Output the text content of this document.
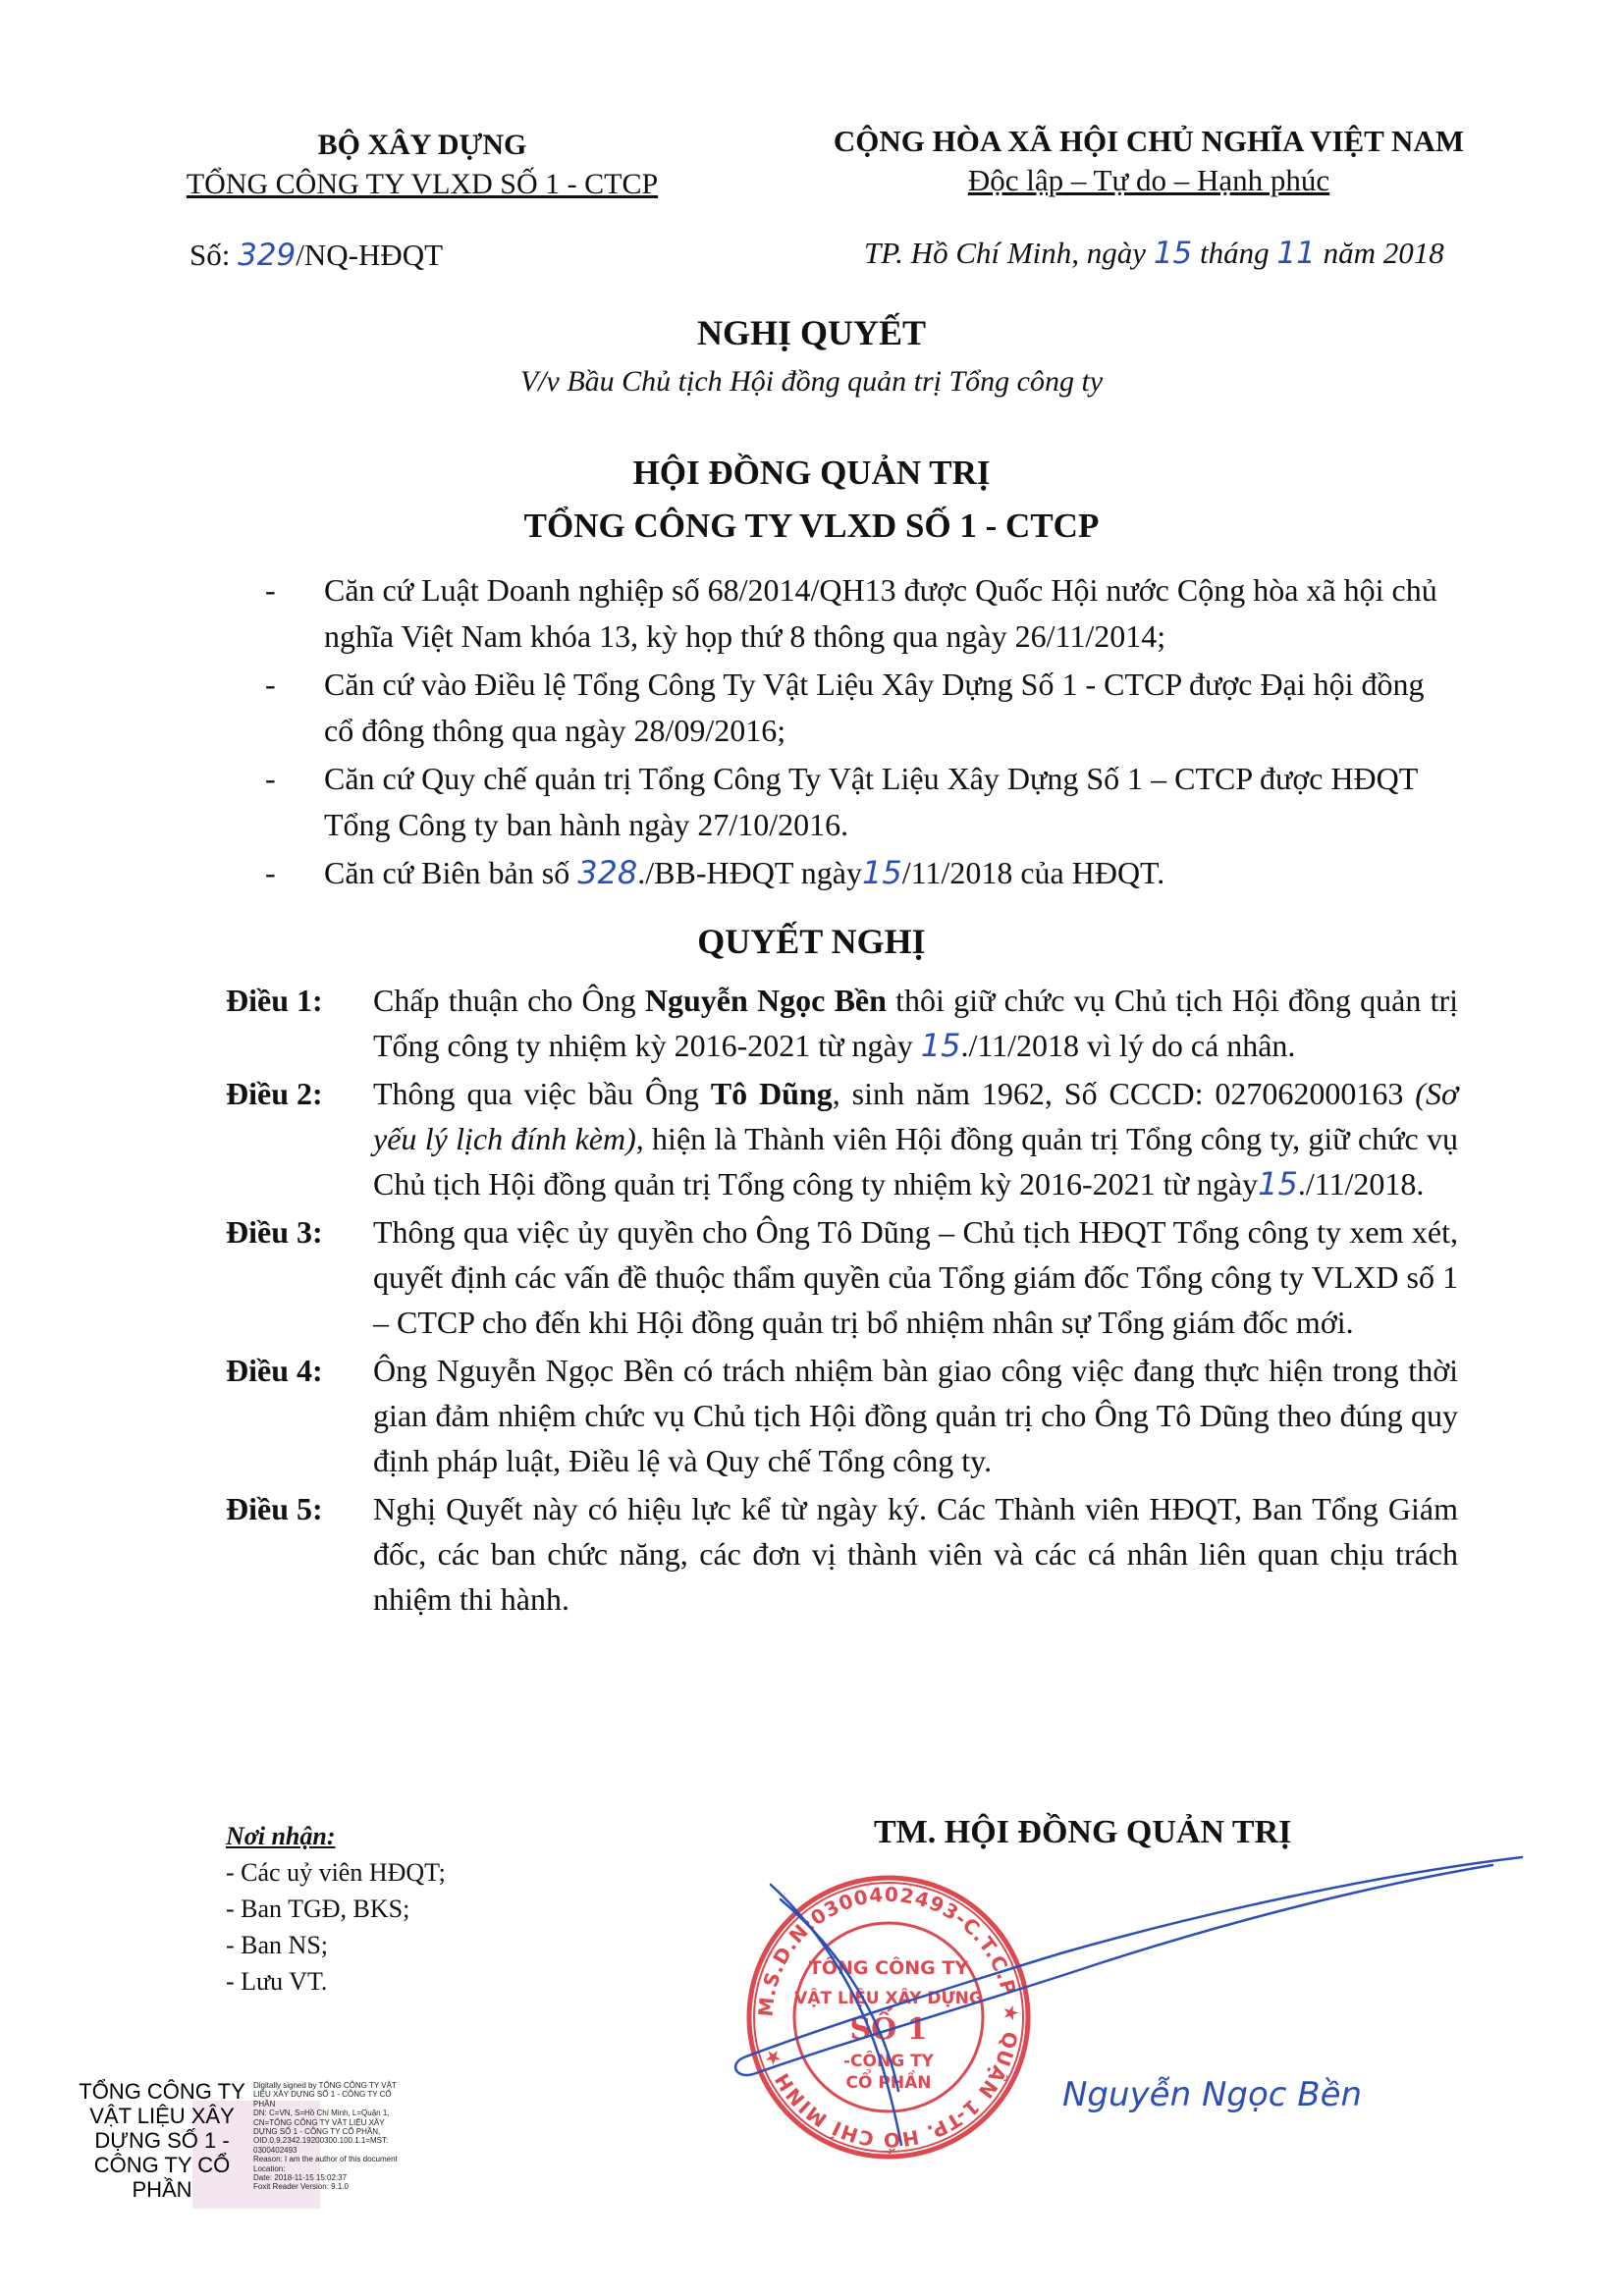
BỘ XÂY DỰNG
TỔNG CÔNG TY VLXD SỐ 1 - CTCP
CỘNG HÒA XÃ HỘI CHỦ NGHĨA VIỆT NAM
Độc lập – Tự do – Hạnh phúc
Số: 329/NQ-HĐQT	TP. Hồ Chí Minh, ngày 15 tháng 11 năm 2018
NGHỊ QUYẾT
V/v Bầu Chủ tịch Hội đồng quản trị Tổng công ty
HỘI ĐỒNG QUẢN TRỊ
TỔNG CÔNG TY VLXD SỐ 1 - CTCP
- Căn cứ Luật Doanh nghiệp số 68/2014/QH13 được Quốc Hội nước Cộng hòa xã hội chủ nghĩa Việt Nam khóa 13, kỳ họp thứ 8 thông qua ngày 26/11/2014;
- Căn cứ vào Điều lệ Tổng Công Ty Vật Liệu Xây Dựng Số 1 - CTCP được Đại hội đồng cổ đông thông qua ngày 28/09/2016;
- Căn cứ Quy chế quản trị Tổng Công Ty Vật Liệu Xây Dựng Số 1 – CTCP được HĐQT Tổng Công ty ban hành ngày 27/10/2016.
- Căn cứ Biên bản số 328./BB-HĐQT ngày15/11/2018 của HĐQT.
QUYẾT NGHỊ
Điều 1: Chấp thuận cho Ông Nguyễn Ngọc Bền thôi giữ chức vụ Chủ tịch Hội đồng quản trị Tổng công ty nhiệm kỳ 2016-2021 từ ngày 15./11/2018 vì lý do cá nhân.
Điều 2: Thông qua việc bầu Ông Tô Dũng, sinh năm 1962, Số CCCD: 027062000163 (Sơ yếu lý lịch đính kèm), hiện là Thành viên Hội đồng quản trị Tổng công ty, giữ chức vụ Chủ tịch Hội đồng quản trị Tổng công ty nhiệm kỳ 2016-2021 từ ngày15./11/2018.
Điều 3: Thông qua việc ủy quyền cho Ông Tô Dũng – Chủ tịch HĐQT Tổng công ty xem xét, quyết định các vấn đề thuộc thẩm quyền của Tổng giám đốc Tổng công ty VLXD số 1 – CTCP cho đến khi Hội đồng quản trị bổ nhiệm nhân sự Tổng giám đốc mới.
Điều 4: Ông Nguyễn Ngọc Bền có trách nhiệm bàn giao công việc đang thực hiện trong thời gian đảm nhiệm chức vụ Chủ tịch Hội đồng quản trị cho Ông Tô Dũng theo đúng quy định pháp luật, Điều lệ và Quy chế Tổng công ty.
Điều 5: Nghị Quyết này có hiệu lực kể từ ngày ký. Các Thành viên HĐQT, Ban Tổng Giám đốc, các ban chức năng, các đơn vị thành viên và các cá nhân liên quan chịu trách nhiệm thi hành.
Nơi nhận:
- Các uỷ viên HĐQT;
- Ban TGĐ, BKS;
- Ban NS;
- Lưu VT.
TM. HỘI ĐỒNG QUẢN TRỊ
M.S.D.N:0300402493-C.T.C.P ★ QUẬN 1-TP. HỒ CHÍ MINH ★
TỔNG CÔNG TY
VẬT LIỆU XÂY DỰNG
SỐ 1
-CÔNG TY
CỔ PHẦN	Nguyễn Ngọc Bền
TỔNG CÔNG TY VẬT LIỆU XÂY DỰNG SỐ 1 - CÔNG TY CỔ PHẦN
Digitally signed by TỔNG CÔNG TY VẬT
LIỆU XÂY DỰNG SỐ 1 - CÔNG TY CỔ
PHẦN
DN: C=VN, S=Hồ Chí Minh, L=Quận 1,
CN=TỔNG CÔNG TY VẬT LIỆU XÂY
DỰNG SỐ 1 - CÔNG TY CỔ PHẦN,
OID.0.9.2342.19200300.100.1.1=MST:
0300402493
Reason: I am the author of this document
Location:
Date: 2018-11-15 15:02:37
Foxit Reader Version: 9.1.0
